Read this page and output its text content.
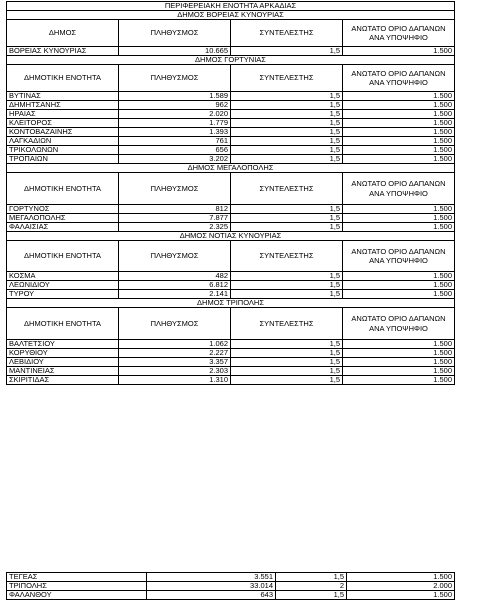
ΠΕΡΙΦΕΡΕΙΑΚΗ ΕΝΟΤΗΤΑ ΑΡΚΑΔΙΑΣ			
ΔΗΜΟΣ ΒΟΡΕΙΑΣ ΚΥΝΟΥΡΙΑΣ			
ΔΗΜΟΣ	ΠΛΗΘΥΣΜΟΣ	ΣΥΝΤΕΛΕΣΤΗΣ	ΑΝΩΤΑΤΟ ΟΡΙΟ ΔΑΠΑΝΩΝ ΑΝΑ ΥΠΟΨΗΦΙΟ
ΒΟΡΕΙΑΣ ΚΥΝΟΥΡΙΑΣ	10.665	1,5	1.500
ΔΗΜΟΣ ΓΟΡΤΥΝΙΑΣ			
ΔΗΜΟΤΙΚΗ ΕΝΟΤΗΤΑ	ΠΛΗΘΥΣΜΟΣ	ΣΥΝΤΕΛΕΣΤΗΣ	ΑΝΩΤΑΤΟ ΟΡΙΟ ΔΑΠΑΝΩΝ ΑΝΑ ΥΠΟΨΗΦΙΟ
ΒΥΤΙΝΑΣ	1.589	1,5	1.500
ΔΗΜΗΤΣΑΝΗΣ	962	1,5	1.500
ΗΡΑΙΑΣ	2.020	1,5	1.500
ΚΛΕΙΤΟΡΟΣ	1.779	1,5	1.500
ΚΟΝΤΟΒΑΖΑΙΝΗΣ	1.393	1,5	1.500
ΛΑΓΚΑΔΙΩΝ	761	1,5	1.500
ΤΡΙΚΟΛΩΝΩΝ	656	1,5	1.500
ΤΡΟΠΑΙΩΝ	3.202	1,5	1.500
ΔΗΜΟΣ ΜΕΓΑΛΟΠΟΛΗΣ			
ΔΗΜΟΤΙΚΗ ΕΝΟΤΗΤΑ	ΠΛΗΘΥΣΜΟΣ	ΣΥΝΤΕΛΕΣΤΗΣ	ΑΝΩΤΑΤΟ ΟΡΙΟ ΔΑΠΑΝΩΝ ΑΝΑ ΥΠΟΨΗΦΙΟ
ΓΟΡΤΥΝΟΣ	812	1,5	1.500
ΜΕΓΑΛΟΠΟΛΗΣ	7.877	1,5	1.500
ΦΑΛΑΙΣΙΑΣ	2.325	1,5	1.500
ΔΗΜΟΣ ΝΟΤΙΑΣ ΚΥΝΟΥΡΙΑΣ			
ΔΗΜΟΤΙΚΗ ΕΝΟΤΗΤΑ	ΠΛΗΘΥΣΜΟΣ	ΣΥΝΤΕΛΕΣΤΗΣ	ΑΝΩΤΑΤΟ ΟΡΙΟ ΔΑΠΑΝΩΝ ΑΝΑ ΥΠΟΨΗΦΙΟ
ΚΟΣΜΑ	482	1,5	1.500
ΛΕΩΝΙΔΙΟΥ	6.812	1,5	1.500
ΤΥΡΟΥ	2.141	1,5	1.500
ΔΗΜΟΣ ΤΡΙΠΟΛΗΣ			
ΔΗΜΟΤΙΚΗ ΕΝΟΤΗΤΑ	ΠΛΗΘΥΣΜΟΣ	ΣΥΝΤΕΛΕΣΤΗΣ	ΑΝΩΤΑΤΟ ΟΡΙΟ ΔΑΠΑΝΩΝ ΑΝΑ ΥΠΟΨΗΦΙΟ
ΒΑΛΤΕΤΣΙΟΥ	1.062	1,5	1.500
ΚΟΡΥΘΙΟΥ	2.227	1,5	1.500
ΛΕΒΙΔΙΟΥ	3.357	1,5	1.500
ΜΑΝΤΙΝΕΙΑΣ	2.303	1,5	1.500
ΣΚΙΡΙΤΙΔΑΣ	1.310	1,5	1.500
ΤΕΓΕΑΣ	3.551	1,5	1.500
ΤΡΙΠΟΛΗΣ	33.014	2	2.000
ΦΑΛΑΝΘΟΥ	643	1,5	1.500
